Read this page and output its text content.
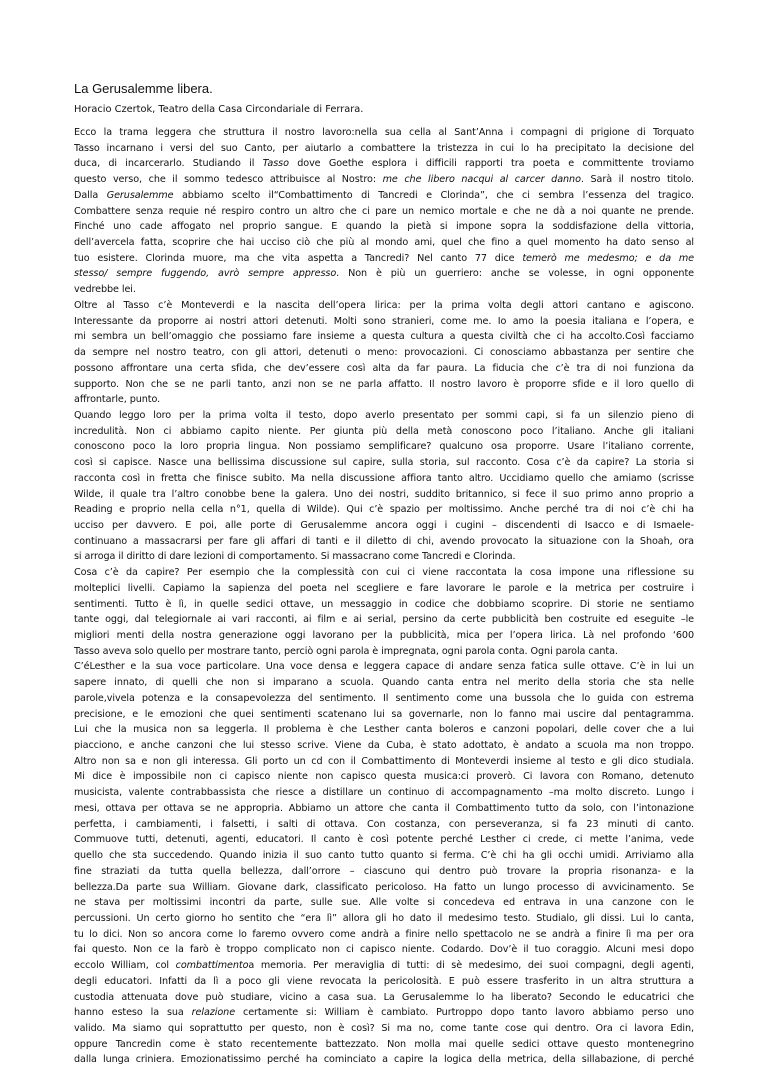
La Gerusalemme libera.
Horacio Czertok, Teatro della Casa Circondariale di Ferrara.
Ecco la trama leggera che struttura il nostro lavoro:nella sua cella al Sant’Anna i compagni di prigione di Torquato
Tasso incarnano i versi del suo Canto, per aiutarlo a combattere la tristezza in cui lo ha precipitato la decisione del
duca, di incarcerarlo. Studiando il Tasso dove Goethe esplora i difficili rapporti tra poeta e committente troviamo
questo verso, che il sommo tedesco attribuisce al Nostro: me che libero nacqui al carcer danno. Sarà il nostro titolo.
Dalla Gerusalemme abbiamo scelto il“Combattimento di Tancredi e Clorinda”, che ci sembra l’essenza del tragico.
Combattere senza requie né respiro contro un altro che ci pare un nemico mortale e che ne dà a noi quante ne prende.
Finché uno cade affogato nel proprio sangue. E quando la pietà si impone sopra la soddisfazione della vittoria,
dell’avercela fatta, scoprire che hai ucciso ciò che più al mondo ami, quel che fino a quel momento ha dato senso al
tuo esistere. Clorinda muore, ma che vita aspetta a Tancredi? Nel canto 77 dice temerò me medesmo; e da me
stesso/ sempre fuggendo, avrò sempre appresso. Non è più un guerriero: anche se volesse, in ogni opponente
vedrebbe lei.
Oltre al Tasso c’è Monteverdi e la nascita dell’opera lirica: per la prima volta degli attori cantano e agiscono.
Interessante da proporre ai nostri attori detenuti. Molti sono stranieri, come me. Io amo la poesia italiana e l’opera, e
mi sembra un bell’omaggio che possiamo fare insieme a questa cultura a questa civiltà che ci ha accolto.Così facciamo
da sempre nel nostro teatro, con gli attori, detenuti o meno: provocazioni. Ci conosciamo abbastanza per sentire che
possono affrontare una certa sfida, che dev’essere così alta da far paura. La fiducia che c’è tra di noi funziona da
supporto. Non che se ne parli tanto, anzi non se ne parla affatto. Il nostro lavoro è proporre sfide e il loro quello di
affrontarle, punto.
Quando leggo loro per la prima volta il testo, dopo averlo presentato per sommi capi, si fa un silenzio pieno di
incredulità. Non ci abbiamo capito niente. Per giunta più della metà conoscono poco l’italiano. Anche gli italiani
conoscono poco la loro propria lingua. Non possiamo semplificare? qualcuno osa proporre. Usare l’italiano corrente,
così si capisce. Nasce una bellissima discussione sul capire, sulla storia, sul racconto. Cosa c’è da capire? La storia si
racconta così in fretta che finisce subito. Ma nella discussione affiora tanto altro. Uccidiamo quello che amiamo (scrisse
Wilde, il quale tra l’altro conobbe bene la galera. Uno dei nostri, suddito britannico, si fece il suo primo anno proprio a
Reading e proprio nella cella n°1, quella di Wilde). Qui c’è spazio per moltissimo. Anche perché tra di noi c’è chi ha
ucciso per davvero. E poi, alle porte di Gerusalemme ancora oggi i cugini – discendenti di Isacco e di Ismaele-
continuano a massacrarsi per fare gli affari di tanti e il diletto di chi, avendo provocato la situazione con la Shoah, ora
si arroga il diritto di dare lezioni di comportamento. Si massacrano come Tancredi e Clorinda.
Cosa c’è da capire? Per esempio che la complessità con cui ci viene raccontata la cosa impone una riflessione su
molteplici livelli. Capiamo la sapienza del poeta nel scegliere e fare lavorare le parole e la metrica per costruire i
sentimenti. Tutto è lì, in quelle sedici ottave, un messaggio in codice che dobbiamo scoprire. Di storie ne sentiamo
tante oggi, dal telegiornale ai vari racconti, ai film e ai serial, persino da certe pubblicità ben costruite ed eseguite –le
migliori menti della nostra generazione oggi lavorano per la pubblicità, mica per l’opera lirica. Là nel profondo ‘600
Tasso aveva solo quello per mostrare tanto, perciò ogni parola è impregnata, ogni parola conta. Ogni parola canta.
C’éLesther e la sua voce particolare. Una voce densa e leggera capace di andare senza fatica sulle ottave. C’è in lui un
sapere innato, di quelli che non si imparano a scuola. Quando canta entra nel merito della storia che sta nelle
parole,vivela potenza e la consapevolezza del sentimento. Il sentimento come una bussola che lo guida con estrema
precisione, e le emozioni che quei sentimenti scatenano lui sa governarle, non lo fanno mai uscire dal pentagramma.
Lui che la musica non sa leggerla. Il problema è che Lesther canta boleros e canzoni popolari, delle cover che a lui
piacciono, e anche canzoni che lui stesso scrive. Viene da Cuba, è stato adottato, è andato a scuola ma non troppo.
Altro non sa e non gli interessa. Gli porto un cd con il Combattimento di Monteverdi insieme al testo e gli dico studiala.
Mi dice è impossibile non ci capisco niente non capisco questa musica:ci proverò. Ci lavora con Romano, detenuto
musicista, valente contrabbassista che riesce a distillare un continuo di accompagnamento –ma molto discreto. Lungo i
mesi, ottava per ottava se ne appropria. Abbiamo un attore che canta il Combattimento tutto da solo, con l’intonazione
perfetta, i cambiamenti, i falsetti, i salti di ottava. Con costanza, con perseveranza, si fa 23 minuti di canto.
Commuove tutti, detenuti, agenti, educatori. Il canto è così potente perché Lesther ci crede, ci mette l’anima, vede
quello che sta succedendo. Quando inizia il suo canto tutto quanto si ferma. C’è chi ha gli occhi umidi. Arriviamo alla
fine straziati da tutta quella bellezza, dall’orrore – ciascuno qui dentro può trovare la propria risonanza- e la
bellezza.Da parte sua William. Giovane dark, classificato pericoloso. Ha fatto un lungo processo di avvicinamento. Se
ne stava per moltissimi incontri da parte, sulle sue. Alle volte si concedeva ed entrava in una canzone con le
percussioni. Un certo giorno ho sentito che “era lì” allora gli ho dato il medesimo testo. Studialo, gli dissi. Lui lo canta,
tu lo dici. Non so ancora come lo faremo ovvero come andrà a finire nello spettacolo ne se andrà a finire lì ma per ora
fai questo. Non ce la farò è troppo complicato non ci capisco niente. Codardo. Dov’è il tuo coraggio. Alcuni mesi dopo
eccolo William, col combattimentoa memoria. Per meraviglia di tutti: di sè medesimo, dei suoi compagni, degli agenti,
degli educatori. Infatti da lì a poco gli viene revocata la pericolosità. E può essere trasferito in un altra struttura a
custodia attenuata dove può studiare, vicino a casa sua. La Gerusalemme lo ha liberato? Secondo le educatrici che
hanno esteso la sua relazione certamente si: William è cambiato. Purtroppo dopo tanto lavoro abbiamo perso uno
valido. Ma siamo qui soprattutto per questo, non è così? Si ma no, come tante cose qui dentro. Ora ci lavora Edin,
oppure Tancredin come è stato recentemente battezzato. Non molla mai quelle sedici ottave questo montenegrino
dalla lunga criniera. Emozionatissimo perché ha cominciato a capire la logica della metrica, della sillabazione, di perché
